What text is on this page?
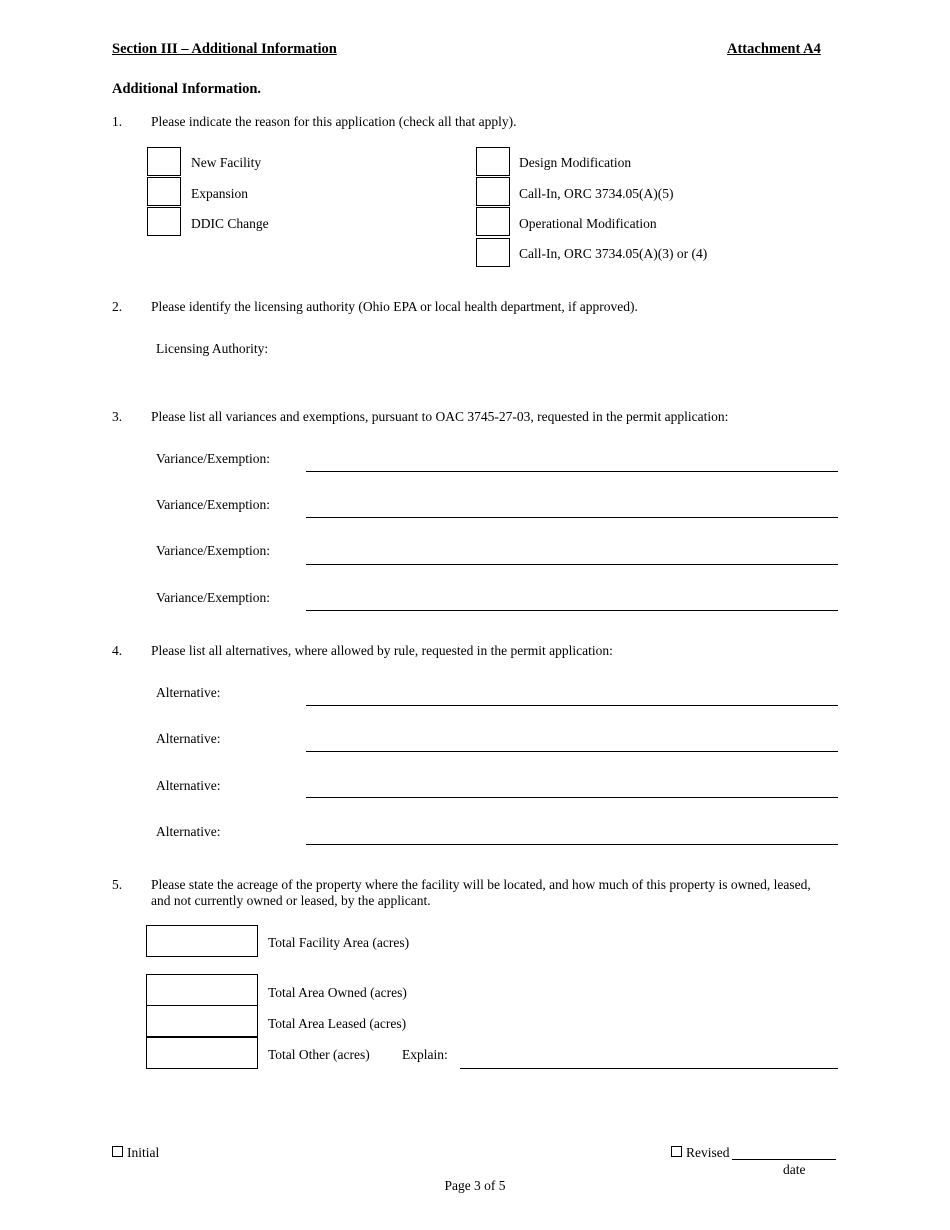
Section III – Additional Information	Attachment A4
Additional Information.
1. Please indicate the reason for this application (check all that apply).
New Facility
Expansion
DDIC Change
Design Modification
Call-In, ORC 3734.05(A)(5)
Operational Modification
Call-In, ORC 3734.05(A)(3) or (4)
2. Please identify the licensing authority (Ohio EPA or local health department, if approved).
Licensing Authority:
3. Please list all variances and exemptions, pursuant to OAC 3745-27-03, requested in the permit application:
Variance/Exemption:
Variance/Exemption:
Variance/Exemption:
Variance/Exemption:
4. Please list all alternatives, where allowed by rule, requested in the permit application:
Alternative:
Alternative:
Alternative:
Alternative:
5. Please state the acreage of the property where the facility will be located, and how much of this property is owned, leased,
and not currently owned or leased, by the applicant.
Total Facility Area (acres)
Total Area Owned (acres)
Total Area Leased (acres)
Total Other (acres) Explain:
Initial	Revised
date
Page 3 of 5
